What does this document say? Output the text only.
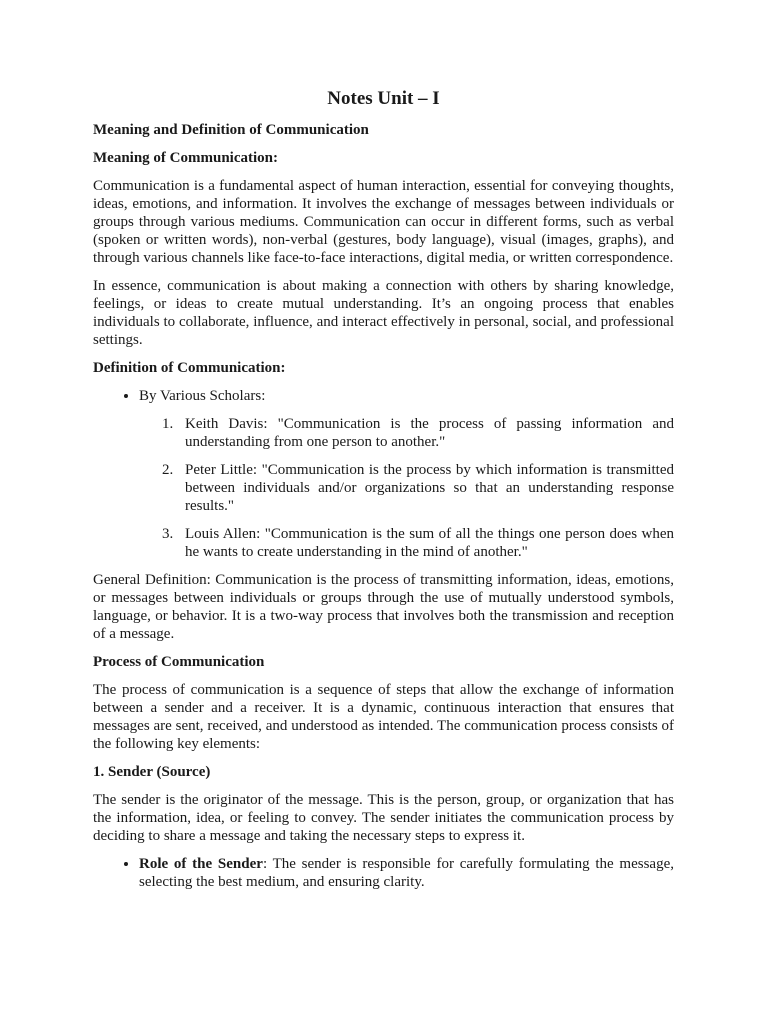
Notes Unit – I
Meaning and Definition of Communication
Meaning of Communication:
Communication is a fundamental aspect of human interaction, essential for conveying thoughts, ideas, emotions, and information. It involves the exchange of messages between individuals or groups through various mediums. Communication can occur in different forms, such as verbal (spoken or written words), non-verbal (gestures, body language), visual (images, graphs), and through various channels like face-to-face interactions, digital media, or written correspondence.
In essence, communication is about making a connection with others by sharing knowledge, feelings, or ideas to create mutual understanding. It’s an ongoing process that enables individuals to collaborate, influence, and interact effectively in personal, social, and professional settings.
Definition of Communication:
• By Various Scholars:
1. Keith Davis: "Communication is the process of passing information and understanding from one person to another."
2. Peter Little: "Communication is the process by which information is transmitted between individuals and/or organizations so that an understanding response results."
3. Louis Allen: "Communication is the sum of all the things one person does when he wants to create understanding in the mind of another."
General Definition: Communication is the process of transmitting information, ideas, emotions, or messages between individuals or groups through the use of mutually understood symbols, language, or behavior. It is a two-way process that involves both the transmission and reception of a message.
Process of Communication
The process of communication is a sequence of steps that allow the exchange of information between a sender and a receiver. It is a dynamic, continuous interaction that ensures that messages are sent, received, and understood as intended. The communication process consists of the following key elements:
1. Sender (Source)
The sender is the originator of the message. This is the person, group, or organization that has the information, idea, or feeling to convey. The sender initiates the communication process by deciding to share a message and taking the necessary steps to express it.
• Role of the Sender: The sender is responsible for carefully formulating the message, selecting the best medium, and ensuring clarity.
